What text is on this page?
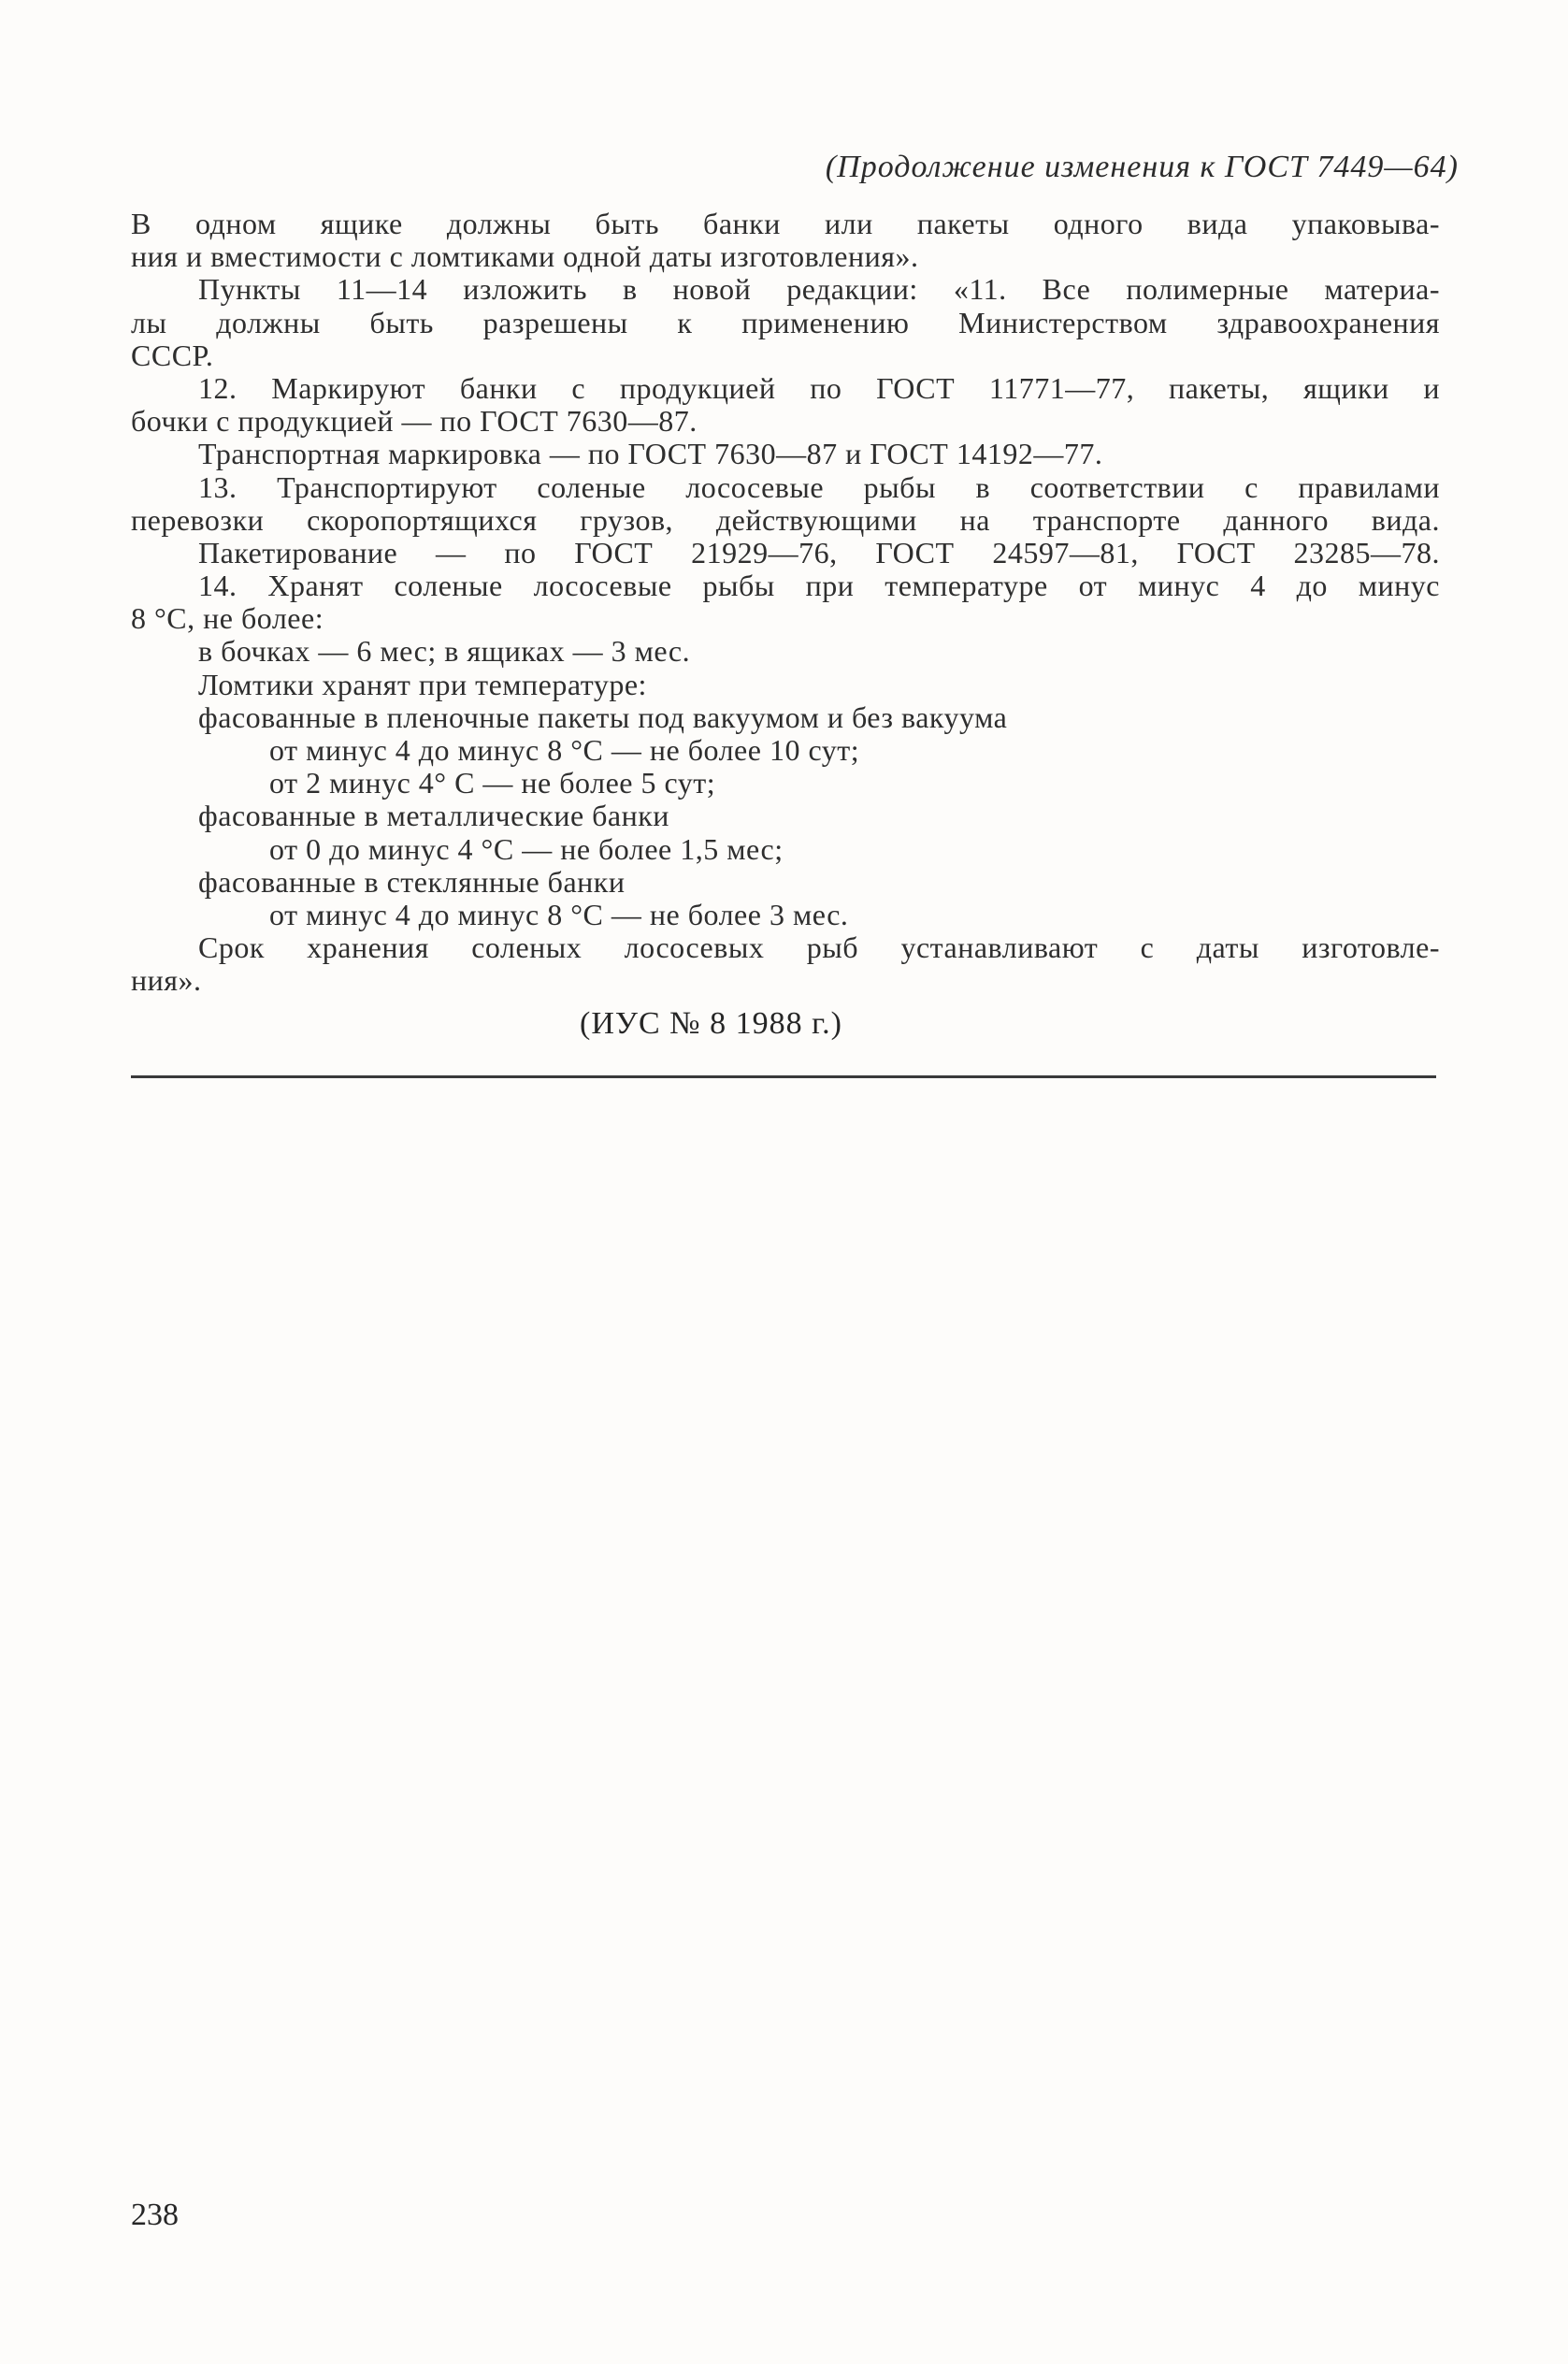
(Продолжение изменения к ГОСТ 7449—64)
В одном ящике должны быть банки или пакеты одного вида упаковыва-
ния и вместимости с ломтиками одной даты изготовления».
Пункты 11—14 изложить в новой редакции: «11. Все полимерные материа-
лы должны быть разрешены к применению Министерством здравоохранения
СССР.
12. Маркируют банки с продукцией по ГОСТ 11771—77, пакеты, ящики и
бочки с продукцией — по ГОСТ 7630—87.
Транспортная маркировка — по ГОСТ 7630—87 и ГОСТ 14192—77.
13. Транспортируют соленые лососевые рыбы в соответствии с правилами
перевозки скоропортящихся грузов, действующими на транспорте данного вида.
Пакетирование — по ГОСТ 21929—76, ГОСТ 24597—81, ГОСТ 23285—78.
14. Хранят соленые лососевые рыбы при температуре от минус 4 до минус
8 °С, не более:
в бочках — 6 мес; в ящиках — 3 мес.
Ломтики хранят при температуре:
фасованные в пленочные пакеты под вакуумом и без вакуума
от минус 4 до минус 8 °С — не более 10 сут;
от 2 минус 4° С — не более 5 сут;
фасованные в металлические банки
от 0 до минус 4 °С — не более 1,5 мес;
фасованные в стеклянные банки
от минус 4 до минус 8 °С — не более 3 мес.
Срок хранения соленых лососевых рыб устанавливают с даты изготовле-
ния».
(ИУС № 8 1988 г.)
238
